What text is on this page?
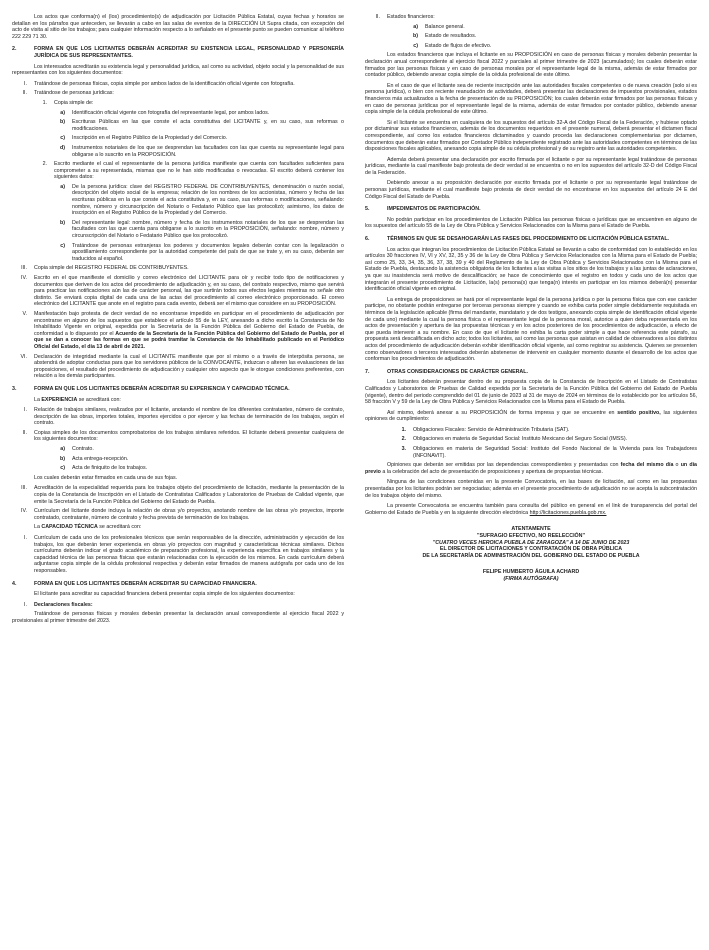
Los actos que conforma(n) el (los) procedimiento(s) de adjudicación por Licitación Pública Estatal, cuyas fechas y horarios se detallan en los párrafos que anteceden, se llevarán a cabo en las salas de eventos de la DIRECCIÓN Ut Supra citada, con excepción del acto de visita al sitio de los trabajos; para cualquier información respecto a lo señalado en el presente punto se pueden comunicar al teléfono 222 229 71 30.

2.	FORMA EN QUE LOS LICITANTES DEBERÁN ACREDITAR SU EXISTENCIA LEGAL, PERSONALIDAD Y PERSONERÍA JURÍDICA DE SUS REPRESENTANTES.

Los interesados acreditarán su existencia legal y personalidad jurídica, así como su actividad, objeto social y la personalidad de sus representantes con los siguientes documentos:

I.	Tratándose de personas físicas, copia simple por ambos lados de la identificación oficial vigente con fotografía.
II.	Tratándose de personas jurídicas:
1.	Copia simple de:
a)	Identificación oficial vigente con fotografía del representante legal, por ambos lados.
b)	Escrituras Públicas en las que conste el acta constitutiva del LICITANTE y, en su caso, sus reformas o modificaciones.
c)	Inscripción en el Registro Público de la Propiedad y del Comercio.
d)	Instrumentos notariales de los que se desprendan las facultades con las que cuenta su representante legal para obligarse a lo suscrito en la PROPOSICIÓN.
2.	Escrito mediante el cual el representante de la persona jurídica manifieste que cuenta con facultades suficientes para comprometer a su representada, mismas que no le han sido modificadas o revocadas. El escrito deberá contener los siguientes datos:
a)	De la persona jurídica: clave del REGISTRO FEDERAL DE CONTRIBUYENTES, denominación o razón social, descripción del objeto social de la empresa; relación de los nombres de los accionistas, número y fecha de las escrituras públicas en la que conste el acta constitutiva y, en su caso, sus reformas o modificaciones, señalando: nombre, número y circunscripción del Notario o Fedatario Público que las protocolizó; asimismo, los datos de inscripción en el Registro Público de la Propiedad y del Comercio.
b)	Del representante legal: nombre, número y fecha de los instrumentos notariales de los que se desprendan las facultades con las que cuenta para obligarse a lo suscrito en la PROPOSICIÓN, señalando: nombre, número y circunscripción del Notario o Fedatario Público que los protocolizó.
c)	Tratándose de personas extranjeras los poderes y documentos legales deberán contar con la legalización o apostillamiento correspondiente por la autoridad competente del país de que se trate y, en su caso, deberán ser traducidos al español.
III.	Copia simple del REGISTRO FEDERAL DE CONTRIBUYENTES.
IV.	Escrito en el que manifieste el domicilio y correo electrónico del LICITANTE para oír y recibir todo tipo de notificaciones y documentos que deriven de los actos del procedimiento de adjudicación y, en su caso, del contrato respectivo, mismo que servirá para practicar las notificaciones aún las de carácter personal, las que surtirán todos sus efectos legales mientras no señale otro distinto. Se enviará copia digital de cada una de las actas del procedimiento al correo electrónico proporcionado. El correo electrónico del LICITANTE que anote en el registro para cada evento, deberá ser el mismo que considere en su PROPOSICIÓN.
V.	Manifestación bajo protesta de decir verdad de no encontrarse impedido en participar en el procedimiento de adjudicación por encontrarse en alguno de los supuestos que establece el artículo 55 de la LEY, anexando a dicho escrito la Constancia de No Inhabilitado Vigente en original, expedida por la Secretaría de la Función Pública del Gobierno del Estado de Puebla, de conformidad a lo dispuesto por el Acuerdo de la Secretaría de la Función Pública del Gobierno del Estado de Puebla, por el que se dan a conocer las formas en que se podrá tramitar la Constancia de No Inhabilitado publicado en el Periódico Oficial del Estado, el día 13 de abril de 2021.
VI.	Declaración de integridad mediante la cual el LICITANTE manifieste que por sí mismo o a través de interpósita persona, se abstendrá de adoptar conductas para que los servidores públicos de la CONVOCANTE, induzcan o alteren las evaluaciones de las proposiciones, el resultado del procedimiento de adjudicación y cualquier otro aspecto que le otorgue condiciones preferentes, con relación a los demás participantes.
3.	FORMA EN QUE LOS LICITANTES DEBERÁN ACREDITAR SU EXPERIENCIA Y CAPACIDAD TÉCNICA.

La EXPERIENCIA se acreditará con:

I.	Relación de trabajos similares, realizados por el licitante, anotando el nombre de los diferentes contratantes, número de contrato, descripción de las obras, importes totales, importes ejercidos o por ejercer y las fechas de terminación de los trabajos, según el contrato.
II.	Copias simples de los documentos comprobatorios de los trabajos similares referidos. El licitante deberá presentar cualquiera de los siguientes documentos:
a)	Contrato.
b)	Acta entrega-recepción.
c)	Acta de finiquito de los trabajos.

Los cuales deberán estar firmados en cada una de sus fojas.

III.	Acreditación de la especialidad requerida para los trabajos objeto del procedimiento de licitación, mediante la presentación de la copia de la Constancia de Inscripción en el Listado de Contratistas Calificados y Laboratorios de Pruebas de Calidad vigente, que emite la Secretaría de la Función Pública del Gobierno del Estado de Puebla.
IV.	Currículum del licitante donde incluya la relación de obras y/o proyectos, anotando nombre de las obras y/o proyectos, importe contratado, contratante, número de contrato y fecha prevista de terminación de los trabajos.

La CAPACIDAD TÉCNICA se acreditará con:

I.	Currículum de cada uno de los profesionales técnicos que serán responsables de la dirección, administración y ejecución de los trabajos, los que deberán tener experiencia en obras y/o proyectos con magnitud y características técnicas similares. Dichos currículums deberán indicar el grado académico de preparación profesional, la experiencia específica en trabajos similares y la capacidad técnica de las personas físicas que estarán relacionadas con la ejecución de los mismos. En cada currículum deberá adjuntarse copia simple de la cédula profesional respectiva y deberán estar firmados de manera autógrafa por cada uno de los responsables.
4.	FORMA EN QUE LOS LICITANTES DEBERÁN ACREDITAR SU CAPACIDAD FINANCIERA.

El licitante para acreditar su capacidad financiera deberá presentar copia simple de los siguientes documentos:

I.	Declaraciones fiscales:

Tratándose de personas físicas y morales deberán presentar la declaración anual correspondiente al ejercicio fiscal 2022 y provisionales al primer trimestre del 2023.

II.	Estados financieros:
a)	Balance general.
b)	Estado de resultados.
c)	Estado de flujos de efectivo.

Los estados financieros que incluya el licitante en su PROPOSICIÓN en caso de personas físicas y morales deberán presentar la declaración anual correspondiente al ejercicio fiscal 2022 y parciales al primer trimestre de 2023 (acumulados); los cuales deberán estar firmados por las personas físicas y en caso de personas morales por el representante legal de la misma, además de estar firmados por contador público, debiendo anexar copia simple de la cédula profesional de este último.

En el caso de que el licitante sea de reciente inscripción ante las autoridades fiscales competentes o de nueva creación (solo si es persona jurídica), o bien con reciente reanudación de actividades, deberá presentar las declaraciones de impuestos provisionales, estados financieros más actualizados a la fecha de presentación de su PROPOSICIÓN; los cuales deberán estar firmados por las personas físicas y en caso de personas jurídicas por el representante legal de la misma, además de estar firmados por contador público, debiendo anexar copia simple de la cédula profesional de este último.

Si el licitante se encuentra en cualquiera de los supuestos del artículo 32-A del Código Fiscal de la Federación, y hubiese optado por dictaminar sus estados financieros, además de los documentos requeridos en el presente numeral, deberá presentar el dictamen fiscal correspondiente, así como los estados financieros dictaminados y cuando proceda las declaraciones complementarias por dictamen, documentos que deberán estar firmados por Contador Público independiente registrado ante las autoridades competentes en términos de las disposiciones fiscales aplicables, anexando copia simple de su cédula profesional y de su registro ante las autoridades competentes.

Además deberá presentar una declaración por escrito firmada por el licitante o por su representante legal tratándose de personas jurídicas, mediante la cual manifieste bajo protesta de decir verdad si se encuentra o no en los supuestos del artículo 32-D del Código Fiscal de la Federación.

Debiendo anexar a su proposición declaración por escrito firmada por el licitante o por su representante legal tratándose de personas jurídicas, mediante el cual manifieste bajo protesta de decir verdad de no encontrarse en los supuestos del artículo 24 E del Código Fiscal del Estado de Puebla.

5.	IMPEDIMENTOS DE PARTICIPACIÓN.

No podrán participar en los procedimientos de Licitación Pública las personas físicas o jurídicas que se encuentren en alguno de los supuestos del artículo 55 de la Ley de Obra Pública y Servicios Relacionados con la Misma para el Estado de Puebla.

6.	TÉRMINOS EN QUE SE DESAHOGARÁN LAS FASES DEL PROCEDIMIENTO DE LICITACIÓN PÚBLICA ESTATAL.

Los actos que integran los procedimientos de Licitación Pública Estatal se llevarán a cabo de conformidad con lo establecido en los artículos 30 fracciones IV, VI y XV, 32, 35 y 36 de la Ley de Obra Pública y Servicios Relacionados con la Misma para el Estado de Puebla; así como 25, 33, 34, 35, 36, 37, 38, 39 y 40 del Reglamento de la Ley de Obra Pública y Servicios Relacionados con la Misma para el Estado de Puebla, destacando la asistencia obligatoria de los licitantes a las visitas a los sitios de los trabajos y a las juntas de aclaraciones, ya que su inasistencia será motivo de descalificación; se hace de conocimiento que el registro en todos y cada uno de los actos que integrarán el presente procedimiento de Licitación, la(s) persona(s) que tenga(n) interés en participar en los mismos deberá(n) presentar identificación oficial vigente en original.

La entrega de proposiciones se hará por el representante legal de la persona jurídica o por la persona física que con ese carácter participe, no obstante podrán entregarse por terceras personas siempre y cuando se exhiba carta poder simple debidamente requisitada en términos de la legislación aplicable (firma del mandante, mandatario y de dos testigos, anexando copia simple de identificación oficial vigente de cada uno) mediante la cual la persona física o el representante legal de la persona moral, autorice a quien deba representarla en los actos de presentación y apertura de las propuestas técnicas y en los actos posteriores de los procedimientos de adjudicación, a efecto de que pueda intervenir a su nombre. En caso de que el licitante no exhiba la carta poder simple a que hace referencia este párrafo, su propuesta será descalificada en dicho acto; todos los licitantes, así como las personas que asistan en calidad de observadores a los distintos actos del procedimiento de adjudicación deberán exhibir identificación oficial vigente, así como registrar su asistencia. Quienes se presenten como observadores o terceros interesados deberán abstenerse de intervenir en cualquier momento durante el desarrollo de los actos que conforman los procedimientos de adjudicación.

7.	OTRAS CONSIDERACIONES DE CARÁCTER GENERAL.

Los licitantes deberán presentar dentro de su propuesta copia de la Constancia de Inscripción en el Listado de Contratistas Calificados y Laboratorios de Pruebas de Calidad expedida por la Secretaría de la Función Pública del Gobierno del Estado de Puebla (vigente), dentro del periodo comprendido del 01 de junio de 2023 al 31 de mayo de 2024 en términos de lo establecido por los artículos 56, 58 fracción V y 59 de la Ley de Obra Pública y Servicios Relacionados con la Misma para el Estado de Puebla.

Así mismo, deberá anexar a su PROPOSICIÓN de forma impresa y que se encuentre en sentido positivo, las siguientes opiniones de cumplimiento:

1.	Obligaciones Fiscales: Servicio de Administración Tributaria (SAT).
2.	Obligaciones en materia de Seguridad Social: Instituto Mexicano del Seguro Social (IMSS).
3.	Obligaciones en materia de Seguridad Social: Instituto del Fondo Nacional de la Vivienda para los Trabajadores (INFONAVIT).

Opiniones que deberán ser emitidas por las dependencias correspondientes y presentadas con fecha del mismo día o un día previo a la celebración del acto de presentación de proposiciones y apertura de propuestas técnicas.

Ninguna de las condiciones contenidas en la presente Convocatoria, en las bases de licitación, así como en las propuestas presentadas por los licitantes podrán ser negociadas; además en el presente procedimiento de adjudicación no se acepta la subcontratación de los trabajos objeto del mismo.

La presente Convocatoria se encuentra también para consulta del público en general en el link de transparencia del portal del Gobierno del Estado de Puebla y en la siguiente dirección electrónica http://licitaciones.puebla.gob.mx.

ATENTAMENTE

"SUFRAGIO EFECTIVO, NO REELECCIÓN"

"CUATRO VECES HEROICA PUEBLA DE ZARAGOZA" A 14 DE JUNIO DE 2023

EL DIRECTOR DE LICITACIONES Y CONTRATACIÓN DE OBRA PÚBLICA

DE LA SECRETARÍA DE ADMINISTRACIÓN DEL GOBIERNO DEL ESTADO DE PUEBLA

FELIPE HUMBERTO ÁGUILA ACHARD

(FIRMA AUTÓGRAFA)
